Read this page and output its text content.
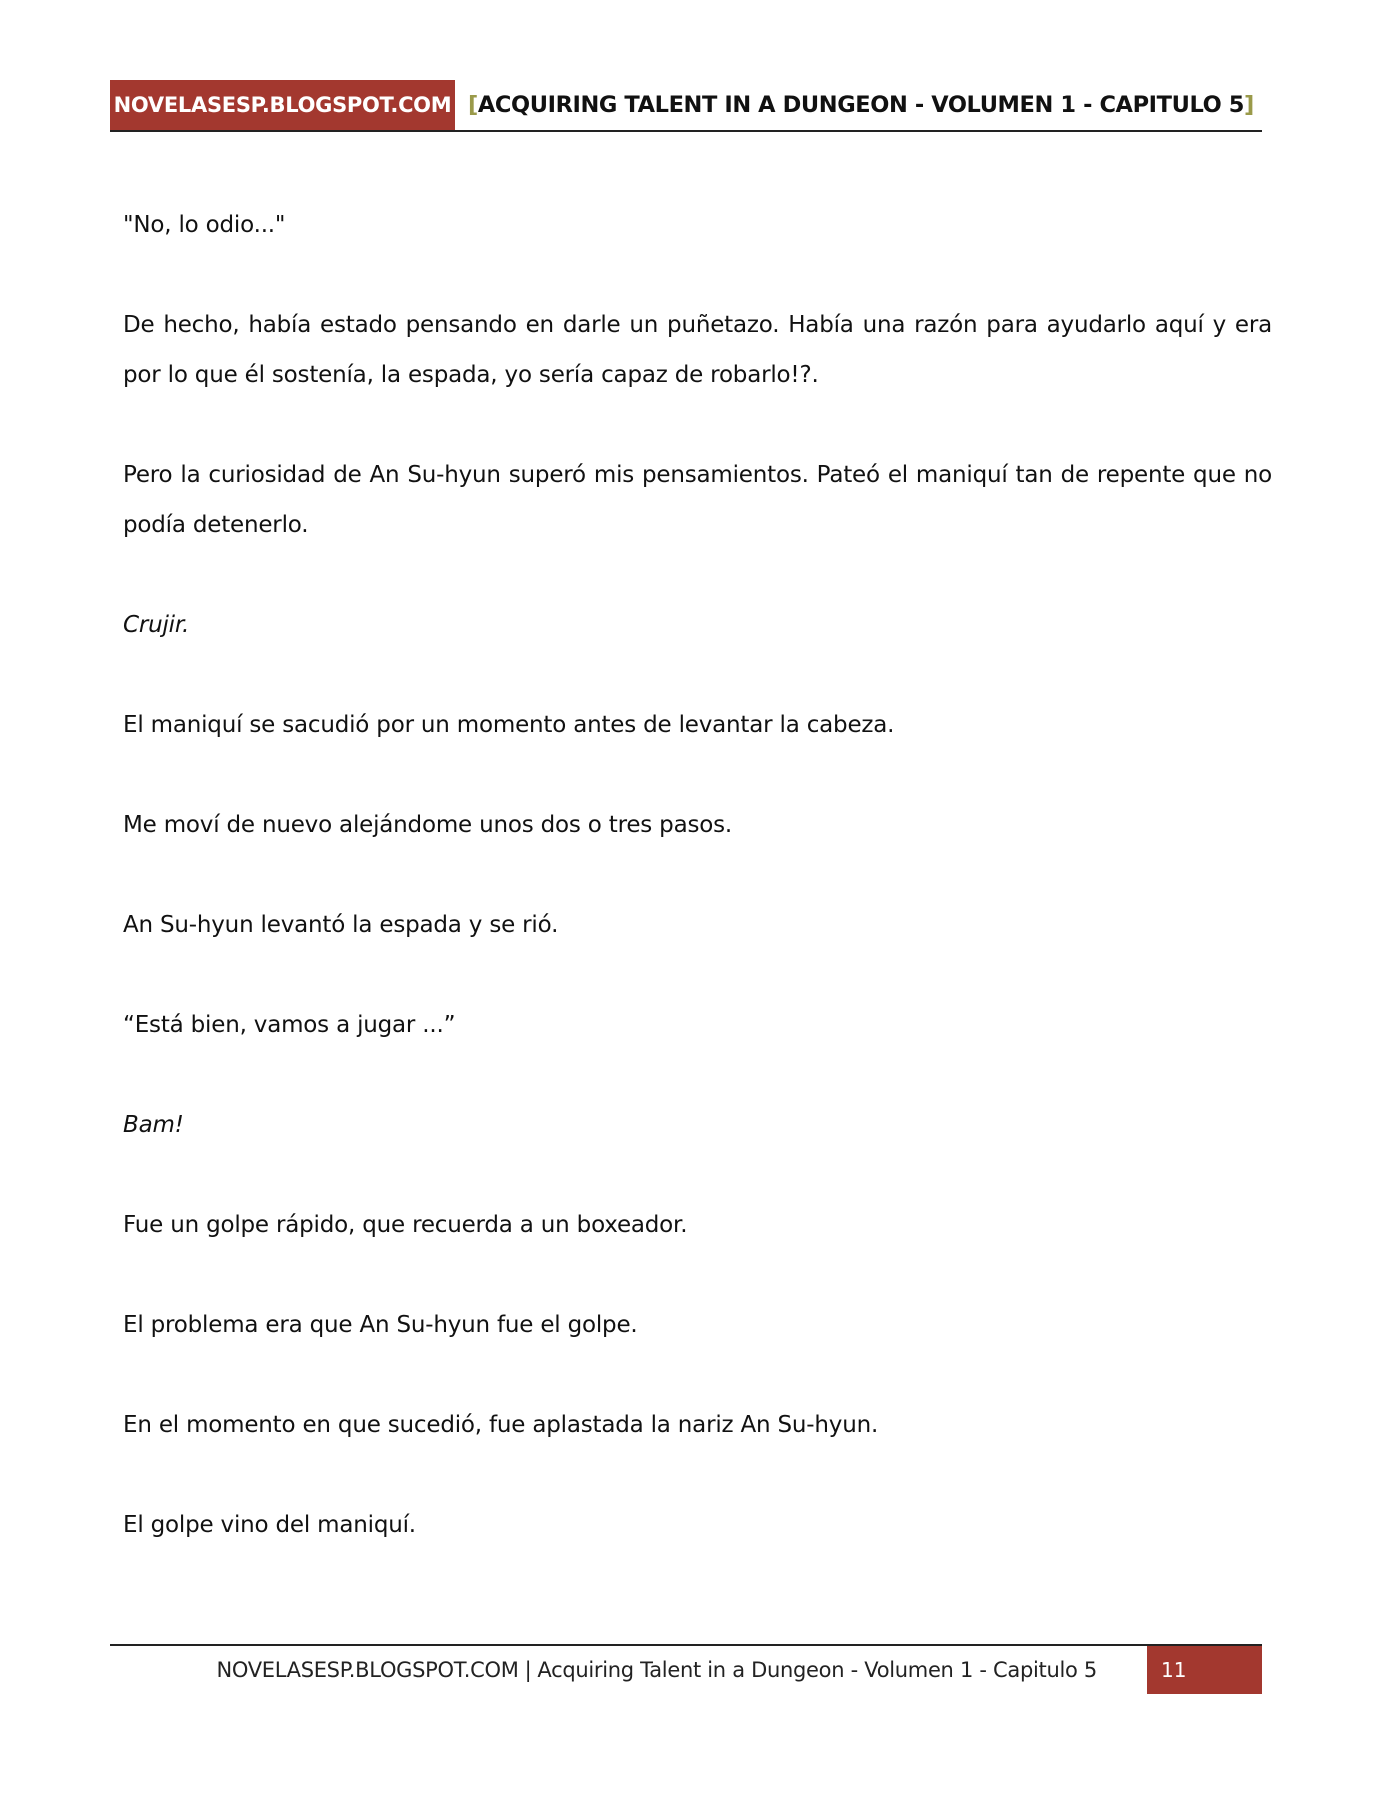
NOVELASESP.BLOGSPOT.COM [ACQUIRING TALENT IN A DUNGEON - VOLUMEN 1 - CAPITULO 5]

"No, lo odio..."

De hecho, había estado pensando en darle un puñetazo. Había una razón para ayudarlo aquí y era por lo que él sostenía, la espada, yo sería capaz de robarlo!?.

Pero la curiosidad de An Su-hyun superó mis pensamientos. Pateó el maniquí tan de repente que no podía detenerlo.

Crujir.

El maniquí se sacudió por un momento antes de levantar la cabeza.

Me moví de nuevo alejándome unos dos o tres pasos.

An Su-hyun levantó la espada y se rió.

“Está bien, vamos a jugar ...”

Bam!

Fue un golpe rápido, que recuerda a un boxeador.

El problema era que An Su-hyun fue el golpe.

En el momento en que sucedió, fue aplastada la nariz An Su-hyun.

El golpe vino del maniquí.

NOVELASESP.BLOGSPOT.COM | Acquiring Talent in a Dungeon - Volumen 1 - Capitulo 5	11
